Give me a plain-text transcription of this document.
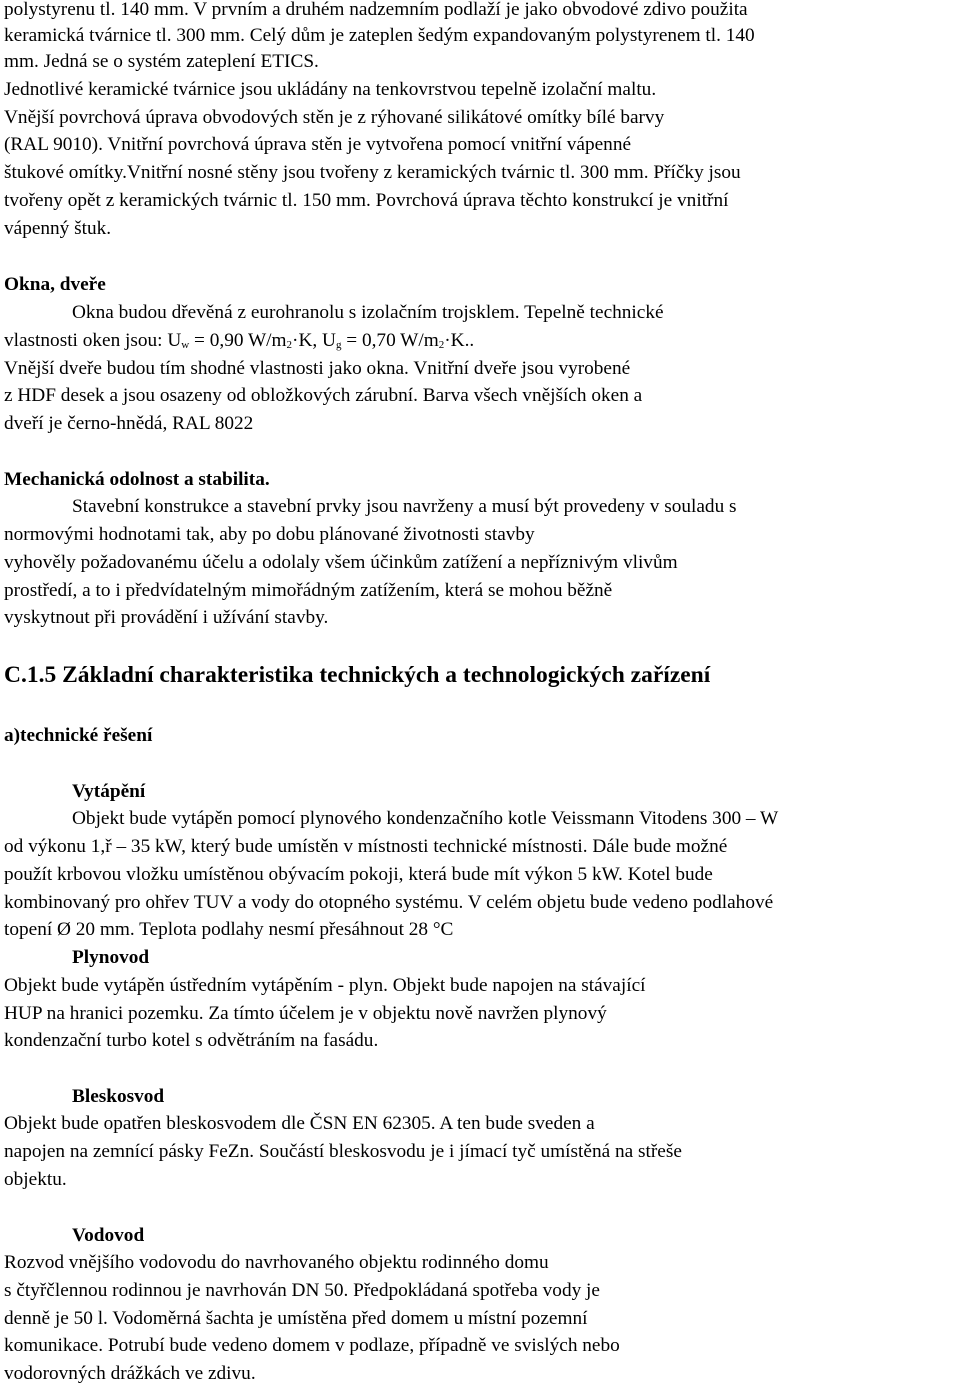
polystyrenu tl. 140 mm. V prvním a druhém nadzemním podlaží je jako obvodové zdivo použita

keramická tvárnice tl. 300 mm. Celý dům je zateplen šedým expandovaným polystyrenem tl. 140

mm. Jedná se o systém zateplení ETICS.

Jednotlivé keramické tvárnice jsou ukládány na tenkovrstvou tepelně izolační maltu.

Vnější povrchová úprava obvodových stěn je z rýhované silikátové omítky bílé barvy

(RAL 9010). Vnitřní povrchová úprava stěn je vytvořena pomocí vnitřní vápenné

štukové omítky.Vnitřní nosné stěny jsou tvořeny z keramických tvárnic tl. 300 mm. Příčky jsou

tvořeny opět z keramických tvárnic tl. 150 mm. Povrchová úprava těchto konstrukcí je vnitřní

vápenný štuk.

Okna, dveře

Okna budou dřevěná z eurohranolu s izolačním trojsklem. Tepelně technické

vlastnosti oken jsou: Uw = 0,90 W/m2·K, Ug = 0,70 W/m2·K..

Vnější dveře budou tím shodné vlastnosti jako okna. Vnitřní dveře jsou vyrobené

z HDF desek a jsou osazeny od obložkových zárubní. Barva všech vnějších oken a

dveří je černo-hnědá, RAL 8022

Mechanická odolnost a stabilita.

Stavební konstrukce a stavební prvky jsou navrženy a musí být provedeny v souladu s

normovými hodnotami tak, aby po dobu plánované životnosti stavby

vyhověly požadovanému účelu a odolaly všem účinkům zatížení a nepříznivým vlivům

prostředí, a to i předvídatelným mimořádným zatížením, která se mohou běžně

vyskytnout při provádění i užívání stavby.

C.1.5 Základní charakteristika technických a technologických zařízení

a)technické řešení

Vytápění

Objekt bude vytápěn pomocí plynového kondenzačního kotle Veissmann Vitodens 300 – W

od výkonu 1,ř – 35 kW, který bude umístěn v místnosti technické místnosti. Dále bude možné

použít krbovou vložku umístěnou obývacím pokoji, která bude mít výkon 5 kW. Kotel bude

kombinovaný pro ohřev TUV a vody do otopného systému. V celém objetu bude vedeno podlahové

topení Ø 20 mm. Teplota podlahy nesmí přesáhnout 28 °C

Plynovod

Objekt bude vytápěn ústředním vytápěním - plyn. Objekt bude napojen na stávající

HUP na hranici pozemku. Za tímto účelem je v objektu nově navržen plynový

kondenzační turbo kotel s odvětráním na fasádu.

Bleskosvod

Objekt bude opatřen bleskosvodem dle ČSN EN 62305. A ten bude sveden a

napojen na zemnící pásky FeZn. Součástí bleskosvodu je i jímací tyč umístěná na střeše

objektu.

Vodovod

Rozvod vnějšího vodovodu do navrhovaného objektu rodinného domu

s čtyřčlennou rodinnou je navrhován DN 50. Předpokládaná spotřeba vody je

denně je 50 l. Vodoměrná šachta je umístěna před domem u místní pozemní

komunikace. Potrubí bude vedeno domem v podlaze, případně ve svislých nebo

vodorovných drážkách ve zdivu.
